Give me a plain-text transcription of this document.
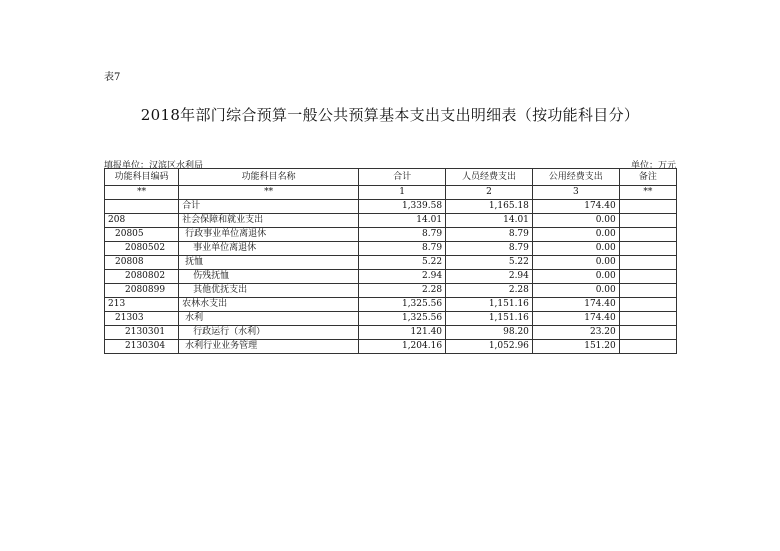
表7
2018年部门综合预算一般公共预算基本支出支出明细表（按功能科目分）
填报单位：汉滨区水利局	单位：万元
功能科目编码	功能科目名称	合计	人员经费支出	公用经费支出	备注
**	**	1	2	3	**
	合计	1,339.58	1,165.18	174.40	
208	社会保障和就业支出	14.01	14.01	0.00	
20805	行政事业单位离退休	8.79	8.79	0.00	
2080502	事业单位离退休	8.79	8.79	0.00	
20808	抚恤	5.22	5.22	0.00	
2080802	伤残抚恤	2.94	2.94	0.00	
2080899	其他优抚支出	2.28	2.28	0.00	
213	农林水支出	1,325.56	1,151.16	174.40	
21303	水利	1,325.56	1,151.16	174.40	
2130301	行政运行（水利）	121.40	98.20	23.20	
2130304	水利行业业务管理	1,204.16	1,052.96	151.20	
